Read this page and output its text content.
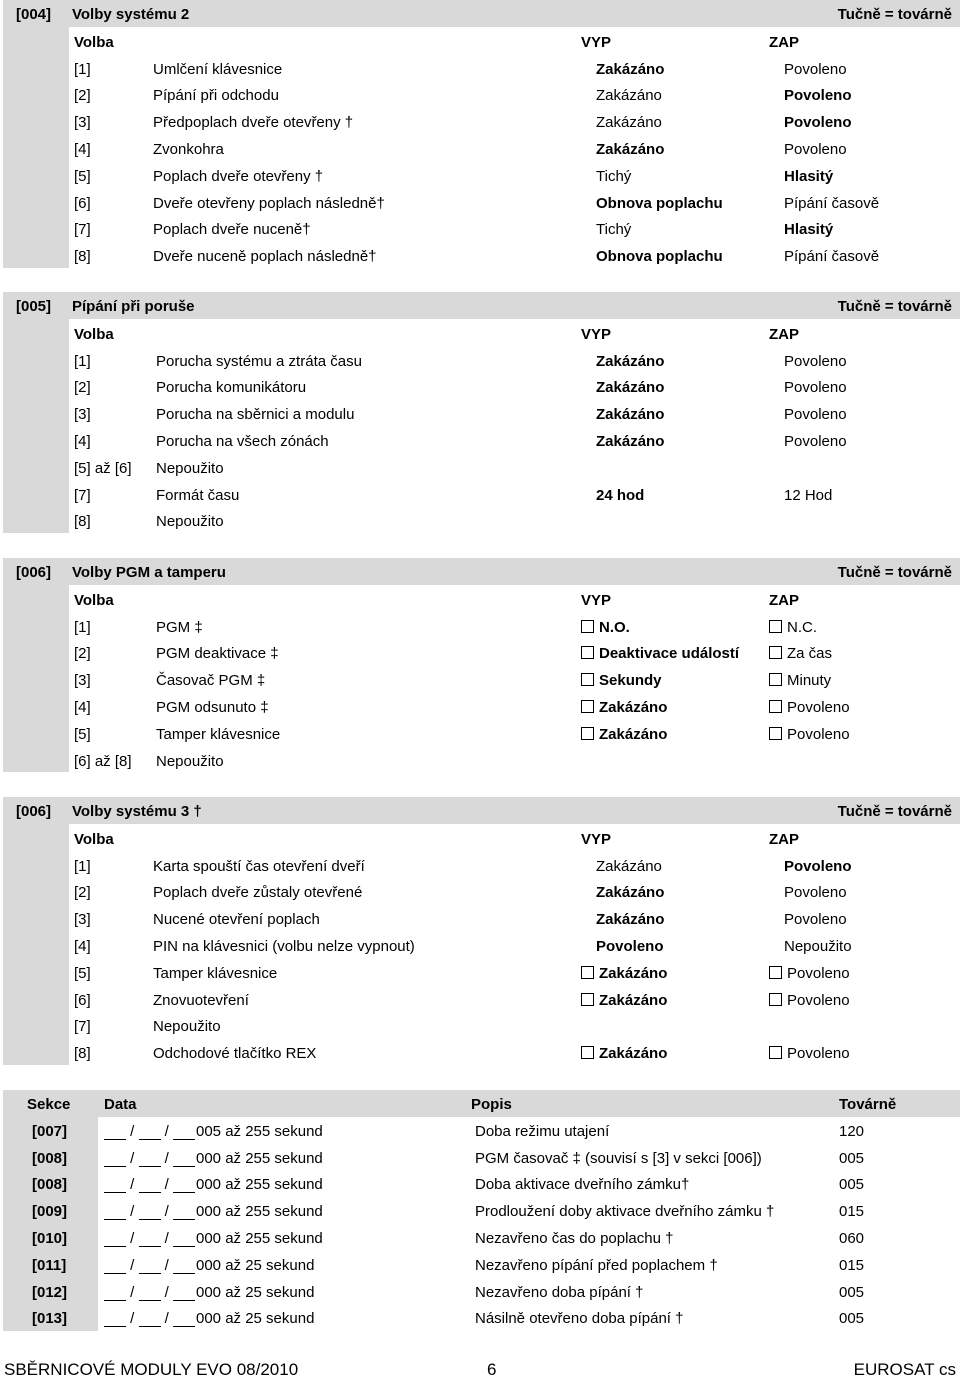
[004] Volby systému 2	Tučně = továrně
Volba	VYP	ZAP
[1]	Umlčení klávesnice	Zakázáno	Povoleno
[2]	Pípání při odchodu	Zakázáno	Povoleno
[3]	Předpoplach dveře otevřeny †	Zakázáno	Povoleno
[4]	Zvonkohra	Zakázáno	Povoleno
[5]	Poplach dveře otevřeny †	Tichý	Hlasitý
[6]	Dveře otevřeny poplach následně†	Obnova poplachu	Pípání časově
[7]	Poplach dveře nuceně†	Tichý	Hlasitý
[8]	Dveře nuceně poplach následně†	Obnova poplachu	Pípání časově
[005] Pípání při poruše	Tučně = továrně
Volba	VYP	ZAP
[1]	Porucha systému a ztráta času	Zakázáno	Povoleno
[2]	Porucha komunikátoru	Zakázáno	Povoleno
[3]	Porucha na sběrnici a modulu	Zakázáno	Povoleno
[4]	Porucha na všech zónách	Zakázáno	Povoleno
[5] až [6] Nepoužito
[7]	Formát času	24 hod	12 Hod
[8]	Nepoužito
[006] Volby PGM a tamperu	Tučně = továrně
Volba	VYP	ZAP
[1]	PGM ‡	N.O.	N.C.
[2]	PGM deaktivace ‡	Deaktivace událostí	Za čas
[3]	Časovač PGM ‡	Sekundy	Minuty
[4]	PGM odsunuto ‡	Zakázáno	Povoleno
[5]	Tamper klávesnice	Zakázáno	Povoleno
[6] až [8] Nepoužito
[006] Volby systému 3 †	Tučně = továrně
Volba	VYP	ZAP
[1]	Karta spouští čas otevření dveří	Zakázáno	Povoleno
[2]	Poplach dveře zůstaly otevřené	Zakázáno	Povoleno
[3]	Nucené otevření poplach	Zakázáno	Povoleno
[4]	PIN na klávesnici (volbu nelze vypnout)	Povoleno	Nepoužito
[5]	Tamper klávesnice	Zakázáno	Povoleno
[6]	Znovuotevření	Zakázáno	Povoleno
[7]	Nepoužito
[8]	Odchodové tlačítko REX	Zakázáno	Povoleno
Sekce Data	Popis	Továrně
[007]	/  /	005 až 255 sekund	Doba režimu utajení	120
[008]	/  /	000 až 255 sekund	PGM časovač ‡ (souvisí s [3] v sekci [006])	005
[008]	/  /	000 až 255 sekund	Doba aktivace dveřního zámku†	005
[009]	/  /	000 až 255 sekund	Prodloužení doby aktivace dveřního zámku †	015
[010]	/  /	000 až 255 sekund	Nezavřeno čas do poplachu †	060
[011]	/  /	000 až 25 sekund	Nezavřeno pípání před poplachem †	015
[012]	/  /	000 až 25 sekund	Nezavřeno doba pípání †	005
[013]	/  /	000 až 25 sekund	Násilně otevřeno doba pípání †	005
SBĚRNICOVÉ MODULY EVO 08/2010	6	EUROSAT cs
